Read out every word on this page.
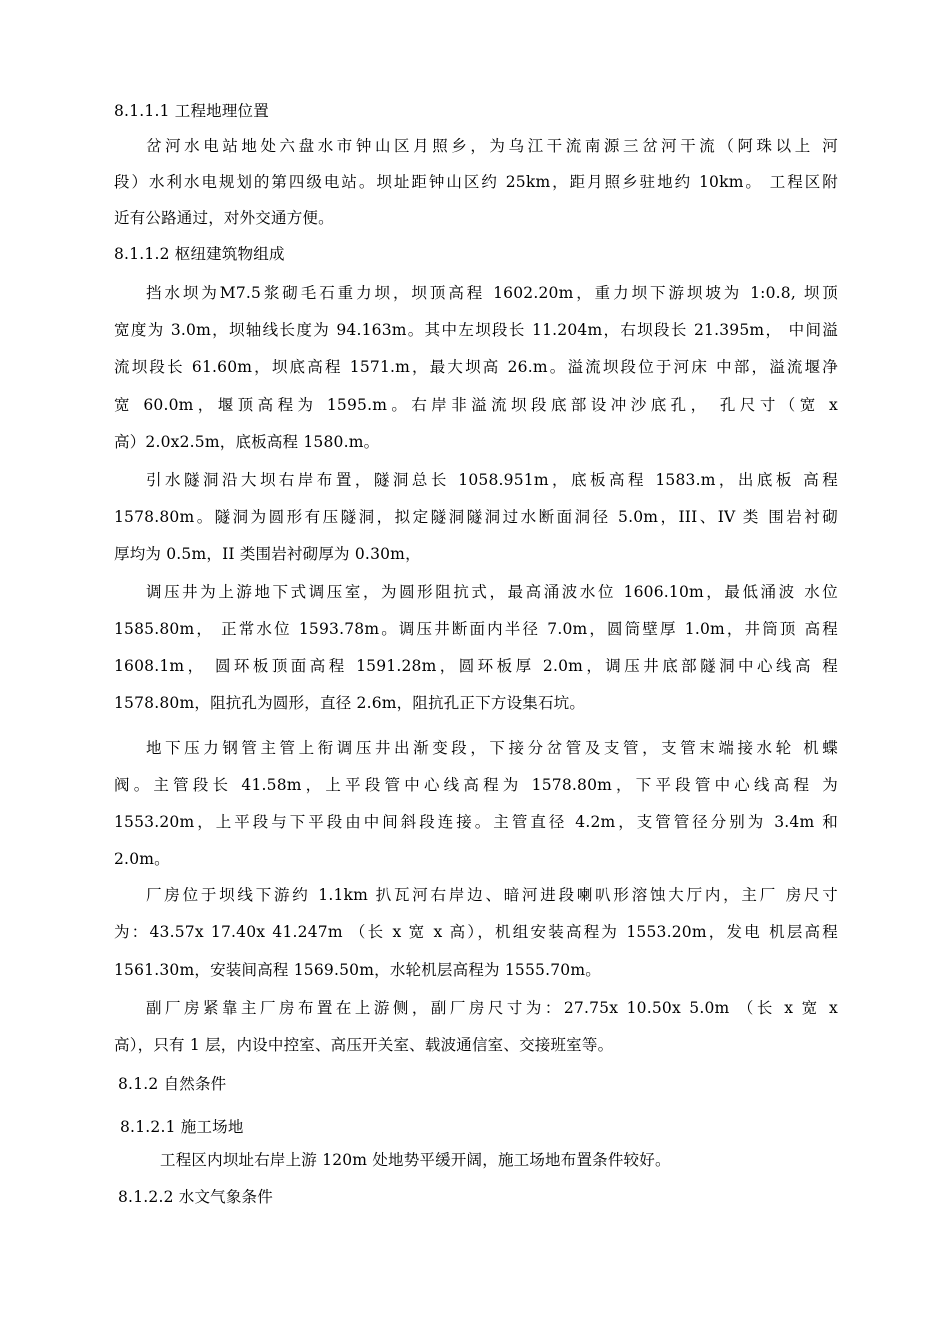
8.1.1.1 工程地理位置
岔河水电站地处六盘水市钟山区月照乡，为乌江干流南源三岔河干流（阿珠以上 河
段）水利水电规划的第四级电站。坝址距钟山区约 25km，距月照乡驻地约 10km。 工程区附
近有公路通过，对外交通方便。
8.1.1.2 枢纽建筑物组成
挡水坝为M7.5浆砌毛石重力坝，坝顶高程 1602.20m，重力坝下游坝坡为 1:0.8, 坝顶
宽度为 3.0m，坝轴线长度为 94.163m。其中左坝段长 11.204m，右坝段长 21.395m， 中间溢
流坝段长 61.60m，坝底高程 1571.m，最大坝高 26.m。溢流坝段位于河床 中部，溢流堰净
宽 60.0m，堰顶高程为 1595.m。右岸非溢流坝段底部设冲沙底孔， 孔尺寸（宽 x
高）2.0x2.5m，底板高程 1580.m。
引水隧洞沿大坝右岸布置，隧洞总长 1058.951m，底板高程 1583.m，出底板 高程
1578.80m。隧洞为圆形有压隧洞，拟定隧洞隧洞过水断面洞径 5.0m，III、IV 类 围岩衬砌
厚均为 0.5m，II 类围岩衬砌厚为 0.30m，
调压井为上游地下式调压室，为圆形阻抗式，最高涌波水位 1606.10m，最低涌波 水位
1585.80m， 正常水位 1593.78m。调压井断面内半径 7.0m，圆筒壁厚 1.0m，井筒顶 高程
1608.1m， 圆环板顶面高程 1591.28m，圆环板厚 2.0m，调压井底部隧洞中心线高 程
1578.80m，阻抗孔为圆形，直径 2.6m，阻抗孔正下方设集石坑。
地下压力钢管主管上衔调压井出渐变段，下接分岔管及支管，支管末端接水轮 机蝶
阀。主管段长 41.58m，上平段管中心线高程为 1578.80m，下平段管中心线高程 为
1553.20m，上平段与下平段由中间斜段连接。主管直径 4.2m，支管管径分别为 3.4m 和
2.0m。
厂房位于坝线下游约 1.1km 扒瓦河右岸边、暗河进段喇叭形溶蚀大厅内，主厂 房尺寸
为：43.57x 17.40x 41.247m （长 x 宽 x 高），机组安装高程为 1553.20m，发电 机层高程
1561.30m，安装间高程 1569.50m，水轮机层高程为 1555.70m。
副厂房紧靠主厂房布置在上游侧，副厂房尺寸为：27.75x 10.50x 5.0m （长 x 宽 x
高），只有 1 层，内设中控室、高压开关室、载波通信室、交接班室等。
8.1.2 自然条件
8.1.2.1 施工场地
工程区内坝址右岸上游 120m 处地势平缓开阔，施工场地布置条件较好。
8.1.2.2 水文气象条件
